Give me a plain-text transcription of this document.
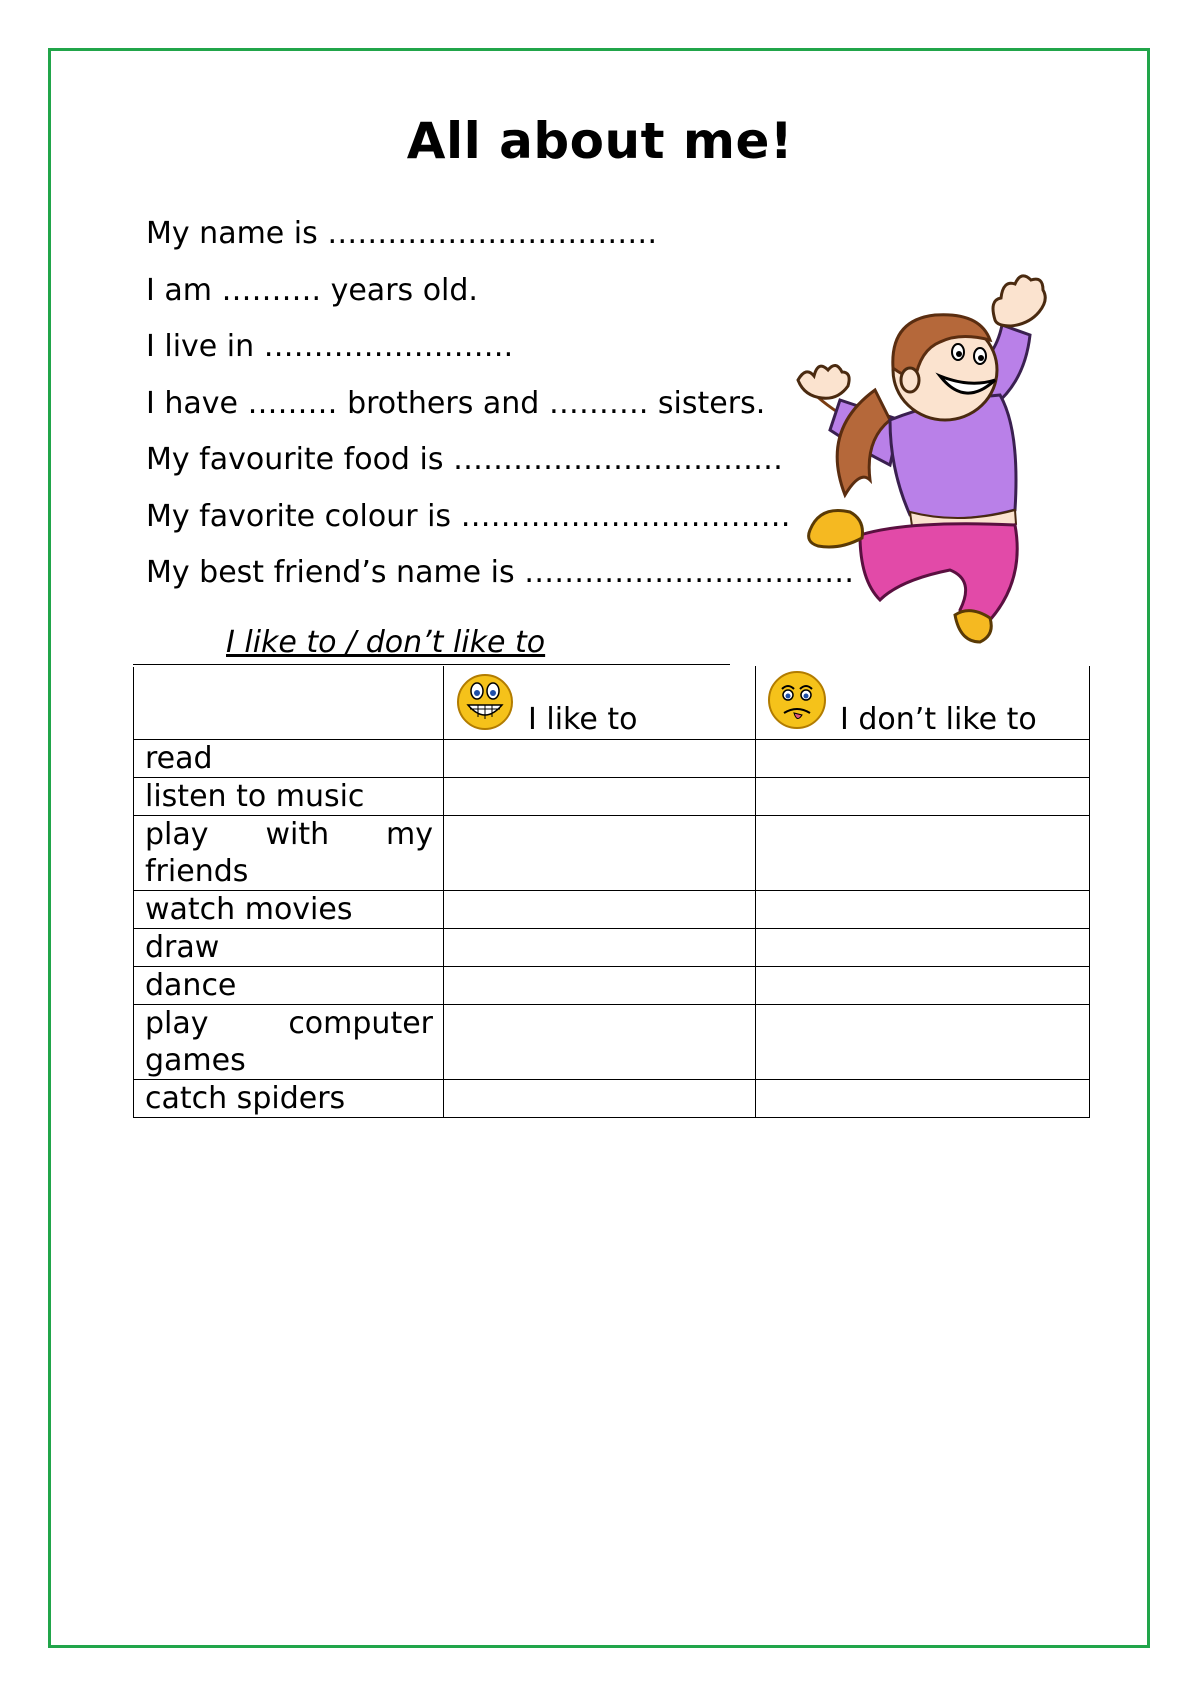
All about me!
My name is ……………………………
I am ………. years old.
I live in …………………….
I have ……… brothers and ………. sisters.
My favourite food is ……………………………
My favorite colour is ……………………………
My best friend’s name is ……………………………
I like to / don’t like to

	I like to	I don’t like to

read		
listen to music		
play with my friends		
watch movies		
draw		
dance		
play computer games		
catch spiders		
